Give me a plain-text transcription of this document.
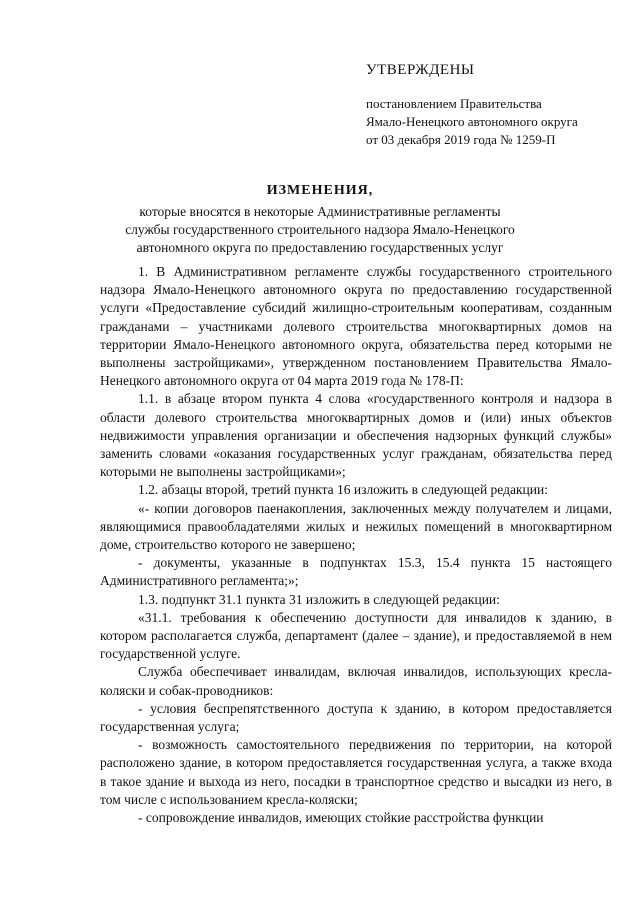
УТВЕРЖДЕНЫ
постановлением Правительства
Ямало-Ненецкого автономного округа
от 03 декабря 2019 года № 1259-П
ИЗМЕНЕНИЯ,
которые вносятся в некоторые Административные регламенты
службы государственного строительного надзора Ямало-Ненецкого
автономного округа по предоставлению государственных услуг

1. В Административном регламенте службы государственного строительного надзора Ямало-Ненецкого автономного округа по предоставлению государственной услуги «Предоставление субсидий жилищно-строительным кооперативам, созданным гражданами – участниками долевого строительства многоквартирных домов на территории Ямало-Ненецкого автономного округа, обязательства перед которыми не выполнены застройщиками», утвержденном постановлением Правительства Ямало-Ненецкого автономного округа от 04 марта 2019 года № 178-П:

1.1. в абзаце втором пункта 4 слова «государственного контроля и надзора в области долевого строительства многоквартирных домов и (или) иных объектов недвижимости управления организации и обеспечения надзорных функций службы» заменить словами «оказания государственных услуг гражданам, обязательства перед которыми не выполнены застройщиками»;

1.2. абзацы второй, третий пункта 16 изложить в следующей редакции:

«- копии договоров паенакопления, заключенных между получателем и лицами, являющимися правообладателями жилых и нежилых помещений в многоквартирном доме, строительство которого не завершено;

- документы, указанные в подпунктах 15.3, 15.4 пункта 15 настоящего Административного регламента;»;

1.3. подпункт 31.1 пункта 31 изложить в следующей редакции:

«31.1. требования к обеспечению доступности для инвалидов к зданию, в котором располагается служба, департамент (далее – здание), и предоставляемой в нем государственной услуге.

Служба обеспечивает инвалидам, включая инвалидов, использующих кресла-коляски и собак-проводников:

- условия беспрепятственного доступа к зданию, в котором предоставляется государственная услуга;

- возможность самостоятельного передвижения по территории, на которой расположено здание, в котором предоставляется государственная услуга, а также входа в такое здание и выхода из него, посадки в транспортное средство и высадки из него, в том числе с использованием кресла-коляски;

- сопровождение инвалидов, имеющих стойкие расстройства функции
